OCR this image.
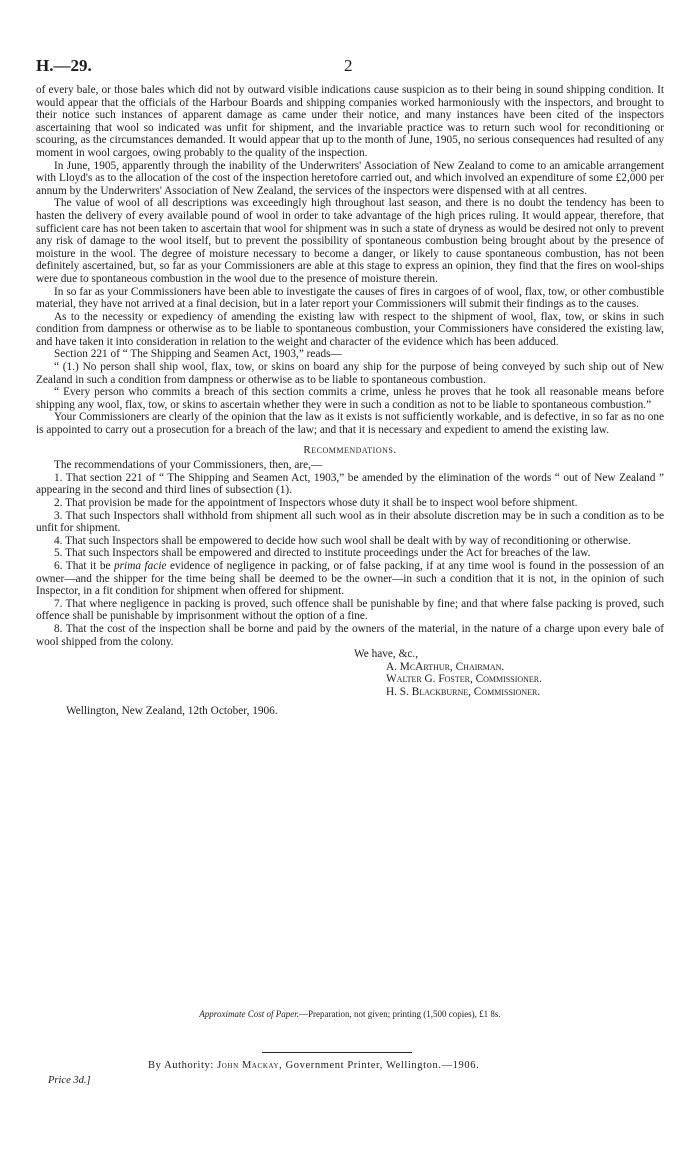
H.—29.	2

of every bale, or those bales which did not by outward visible indications cause suspicion as to their being in sound shipping condition. It would appear that the officials of the Harbour Boards and shipping companies worked harmoniously with the inspectors, and brought to their notice such instances of apparent damage as came under their notice, and many instances have been cited of the inspectors ascertaining that wool so indicated was unfit for shipment, and the invariable practice was to return such wool for reconditioning or scouring, as the circumstances demanded. It would appear that up to the month of June, 1905, no serious consequences had resulted of any moment in wool cargoes, owing probably to the quality of the inspection.

In June, 1905, apparently through the inability of the Underwriters' Association of New Zealand to come to an amicable arrangement with Lloyd's as to the allocation of the cost of the inspection heretofore carried out, and which involved an expenditure of some £2,000 per annum by the Underwriters' Association of New Zealand, the services of the inspectors were dispensed with at all centres.

The value of wool of all descriptions was exceedingly high throughout last season, and there is no doubt the tendency has been to hasten the delivery of every available pound of wool in order to take advantage of the high prices ruling. It would appear, therefore, that sufficient care has not been taken to ascertain that wool for shipment was in such a state of dryness as would be desired not only to prevent any risk of damage to the wool itself, but to prevent the possibility of spontaneous combustion being brought about by the presence of moisture in the wool. The degree of moisture necessary to become a danger, or likely to cause spontaneous combustion, has not been definitely ascertained, but, so far as your Commissioners are able at this stage to express an opinion, they find that the fires on wool-ships were due to spontaneous combustion in the wool due to the presence of moisture therein.

In so far as your Commissioners have been able to investigate the causes of fires in cargoes of of wool, flax, tow, or other combustible material, they have not arrived at a final decision, but in a later report your Commissioners will submit their findings as to the causes.

As to the necessity or expediency of amending the existing law with respect to the shipment of wool, flax, tow, or skins in such condition from dampness or otherwise as to be liable to spontaneous combustion, your Commissioners have considered the existing law, and have taken it into consideration in relation to the weight and character of the evidence which has been adduced.

Section 221 of “ The Shipping and Seamen Act, 1903,” reads—

“ (1.) No person shall ship wool, flax, tow, or skins on board any ship for the purpose of being conveyed by such ship out of New Zealand in such a condition from dampness or otherwise as to be liable to spontaneous combustion.

“ Every person who commits a breach of this section commits a crime, unless he proves that he took all reasonable means before shipping any wool, flax, tow, or skins to ascertain whether they were in such a condition as not to be liable to spontaneous combustion.”

Your Commissioners are clearly of the opinion that the law as it exists is not sufficiently workable, and is defective, in so far as no one is appointed to carry out a prosecution for a breach of the law; and that it is necessary and expedient to amend the existing law.

Recommendations.

The recommendations of your Commissioners, then, are,—

1. That section 221 of “ The Shipping and Seamen Act, 1903,” be amended by the elimination of the words “ out of New Zealand ” appearing in the second and third lines of subsection (1).

2. That provision be made for the appointment of Inspectors whose duty it shall be to inspect wool before shipment.

3. That such Inspectors shall withhold from shipment all such wool as in their absolute discretion may be in such a condition as to be unfit for shipment.

4. That such Inspectors shall be empowered to decide how such wool shall be dealt with by way of reconditioning or otherwise.

5. That such Inspectors shall be empowered and directed to institute proceedings under the Act for breaches of the law.

6. That it be prima facie evidence of negligence in packing, or of false packing, if at any time wool is found in the possession of an owner—and the shipper for the time being shall be deemed to be the owner—in such a condition that it is not, in the opinion of such Inspector, in a fit condition for shipment when offered for shipment.

7. That where negligence in packing is proved, such offence shall be punishable by fine; and that where false packing is proved, such offence shall be punishable by imprisonment without the option of a fine.

8. That the cost of the inspection shall be borne and paid by the owners of the material, in the nature of a charge upon every bale of wool shipped from the colony.

We have, &c.,
A. McArthur, Chairman.
Walter G. Foster, Commissioner.
H. S. Blackburne, Commissioner.
Wellington, New Zealand, 12th October, 1906.
Approximate Cost of Paper.—Preparation, not given; printing (1,500 copies), £1 8s.
By Authority: John Mackay, Government Printer, Wellington.—1906.
Price 3d.]
